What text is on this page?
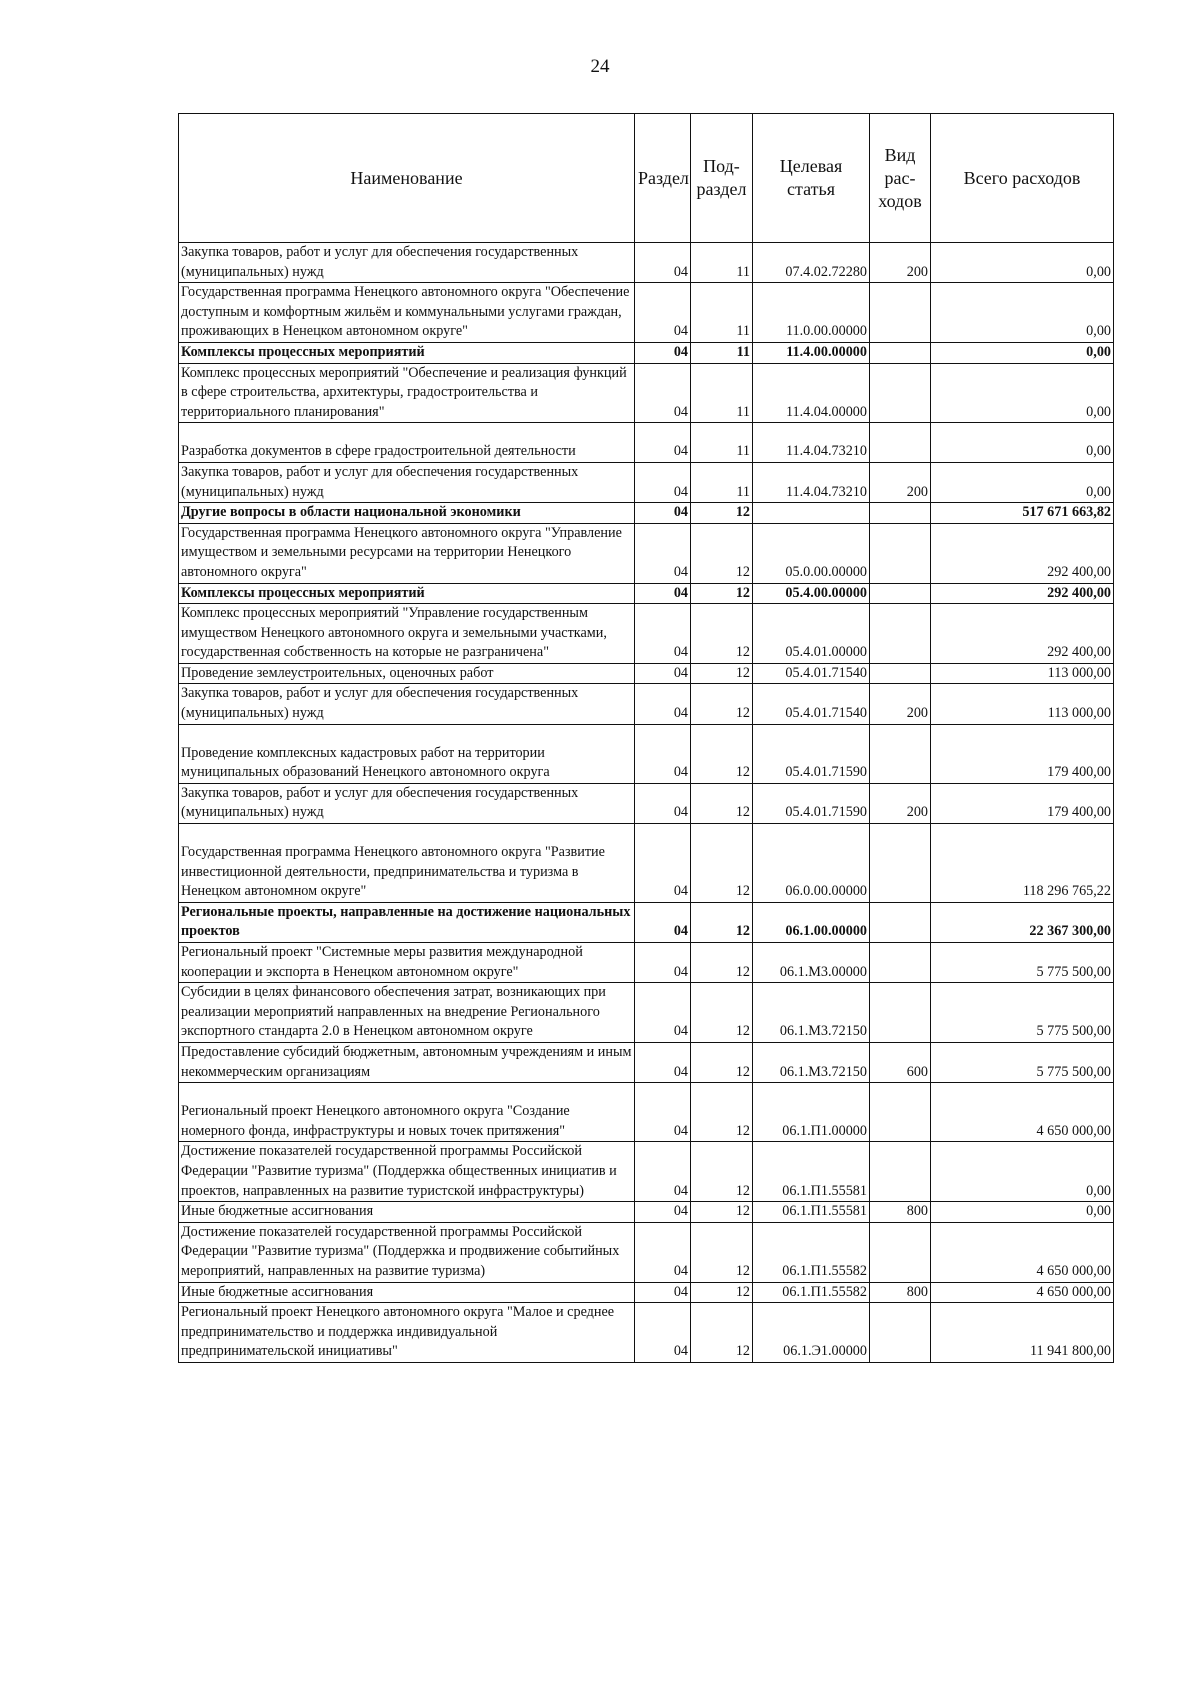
24
Наименование	Раздел	Под-раздел	Целевая статья	Вид рас-ходов	Всего расходов
Закупка товаров, работ и услуг для обеспечения государственных (муниципальных) нужд	04	11	07.4.02.72280	200	0,00
Государственная программа Ненецкого автономного округа "Обеспечение доступным и комфортным жильём и коммунальными услугами граждан, проживающих в Ненецком автономном округе"	04	11	11.0.00.00000		0,00
Комплексы процессных мероприятий	04	11	11.4.00.00000		0,00
Комплекс процессных мероприятий "Обеспечение и реализация функций в сфере строительства, архитектуры, градостроительства и территориального планирования"	04	11	11.4.04.00000		0,00
Разработка документов в сфере градостроительной деятельности	04	11	11.4.04.73210		0,00
Закупка товаров, работ и услуг для обеспечения государственных (муниципальных) нужд	04	11	11.4.04.73210	200	0,00
Другие вопросы в области национальной экономики	04	12			517 671 663,82
Государственная программа Ненецкого автономного округа "Управление имуществом и земельными ресурсами на территории Ненецкого автономного округа"	04	12	05.0.00.00000		292 400,00
Комплексы процессных мероприятий	04	12	05.4.00.00000		292 400,00
Комплекс процессных мероприятий "Управление государственным имуществом Ненецкого автономного округа и земельными участками, государственная собственность на которые не разграничена"	04	12	05.4.01.00000		292 400,00
Проведение землеустроительных, оценочных работ	04	12	05.4.01.71540		113 000,00
Закупка товаров, работ и услуг для обеспечения государственных (муниципальных) нужд	04	12	05.4.01.71540	200	113 000,00
Проведение комплексных кадастровых работ на территории муниципальных образований Ненецкого автономного округа	04	12	05.4.01.71590		179 400,00
Закупка товаров, работ и услуг для обеспечения государственных (муниципальных) нужд	04	12	05.4.01.71590	200	179 400,00
Государственная программа Ненецкого автономного округа "Развитие инвестиционной деятельности, предпринимательства и туризма в Ненецком автономном округе"	04	12	06.0.00.00000		118 296 765,22
Региональные проекты, направленные на достижение национальных проектов	04	12	06.1.00.00000		22 367 300,00
Региональный проект "Системные меры развития международной кооперации и экспорта в Ненецком автономном округе"	04	12	06.1.М3.00000		5 775 500,00
Субсидии в целях финансового обеспечения затрат, возникающих при реализации мероприятий направленных на внедрение Регионального экспортного стандарта 2.0 в Ненецком автономном округе	04	12	06.1.М3.72150		5 775 500,00
Предоставление субсидий бюджетным, автономным учреждениям и иным некоммерческим организациям	04	12	06.1.М3.72150	600	5 775 500,00
Региональный проект Ненецкого автономного округа "Создание номерного фонда, инфраструктуры и новых точек притяжения"	04	12	06.1.П1.00000		4 650 000,00
Достижение показателей государственной программы Российской Федерации "Развитие туризма" (Поддержка общественных инициатив и проектов, направленных на развитие туристской инфраструктуры)	04	12	06.1.П1.55581		0,00
Иные бюджетные ассигнования	04	12	06.1.П1.55581	800	0,00
Достижение показателей государственной программы Российской Федерации "Развитие туризма" (Поддержка и продвижение событийных мероприятий, направленных на развитие туризма)	04	12	06.1.П1.55582		4 650 000,00
Иные бюджетные ассигнования	04	12	06.1.П1.55582	800	4 650 000,00
Региональный проект Ненецкого автономного округа "Малое и среднее предпринимательство и поддержка индивидуальной предпринимательской инициативы"	04	12	06.1.Э1.00000		11 941 800,00
